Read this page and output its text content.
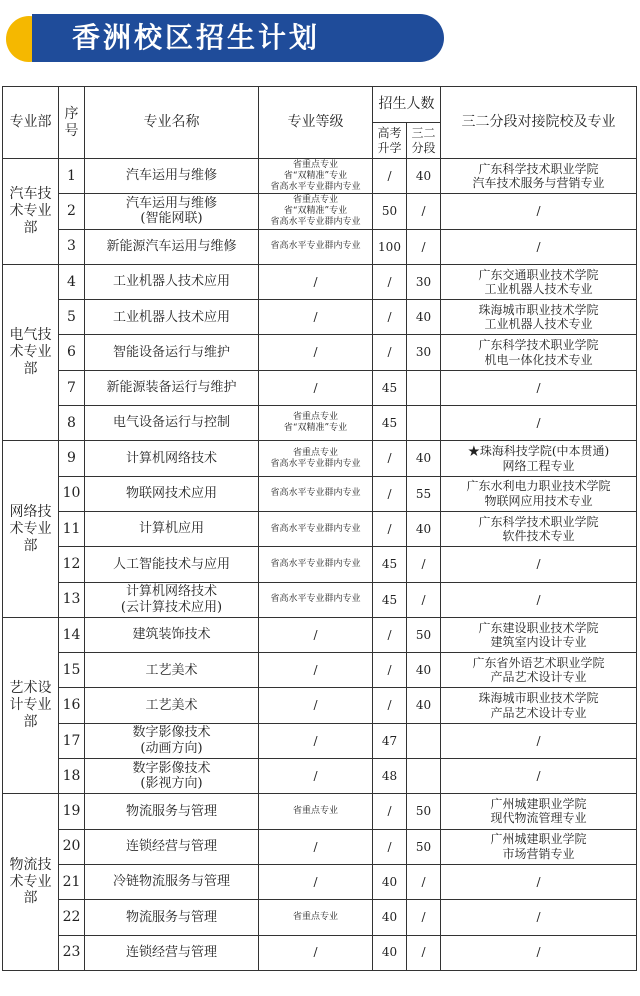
香洲校区招生计划
专业部	序号	专业名称	专业等级	招生人数		三二分段对接院校及专业
				高考升学	三二分段	
汽车技术专业部	1	汽车运用与维修	省重点专业
省“双精准”专业
省高水平专业群内专业	/	40	广东科学技术职业学院
汽车技术服务与营销专业

	2	汽车运用与维修
(智能网联)	省重点专业
省“双精准”专业
省高水平专业群内专业	50	/	/

	3	新能源汽车运用与维修	省高水平专业群内专业	100	/	/

电气技术专业部	4	工业机器人技术应用	/	/	30	广东交通职业技术学院
工业机器人技术专业

	5	工业机器人技术应用	/	/	40	珠海城市职业技术学院
工业机器人技术专业

	6	智能设备运行与维护	/	/	30	广东科学技术职业学院
机电一体化技术专业

	7	新能源装备运行与维护	/	45		/

	8	电气设备运行与控制	省重点专业
省“双精准”专业	45		/

网络技术专业部	9	计算机网络技术	省重点专业
省高水平专业群内专业	/	40	★珠海科技学院(中本贯通)
网络工程专业

	10	物联网技术应用	省高水平专业群内专业	/	55	广东水利电力职业技术学院
物联网应用技术专业

	11	计算机应用	省高水平专业群内专业	/	40	广东科学技术职业学院
软件技术专业

	12	人工智能技术与应用	省高水平专业群内专业	45	/	/

	13	计算机网络技术
(云计算技术应用)	省高水平专业群内专业	45	/	/

艺术设计专业部	14	建筑装饰技术	/	/	50	广东建设职业技术学院
建筑室内设计专业

	15	工艺美术	/	/	40	广东省外语艺术职业学院
产品艺术设计专业

	16	工艺美术	/	/	40	珠海城市职业技术学院
产品艺术设计专业

	17	数字影像技术
(动画方向)	/	47		/

	18	数字影像技术
(影视方向)	/	48		/

物流技术专业部	19	物流服务与管理	省重点专业	/	50	广州城建职业学院
现代物流管理专业

	20	连锁经营与管理	/	/	50	广州城建职业学院
市场营销专业

	21	冷链物流服务与管理	/	40	/	/

	22	物流服务与管理	省重点专业	40	/	/

	23	连锁经营与管理	/	40	/	/
